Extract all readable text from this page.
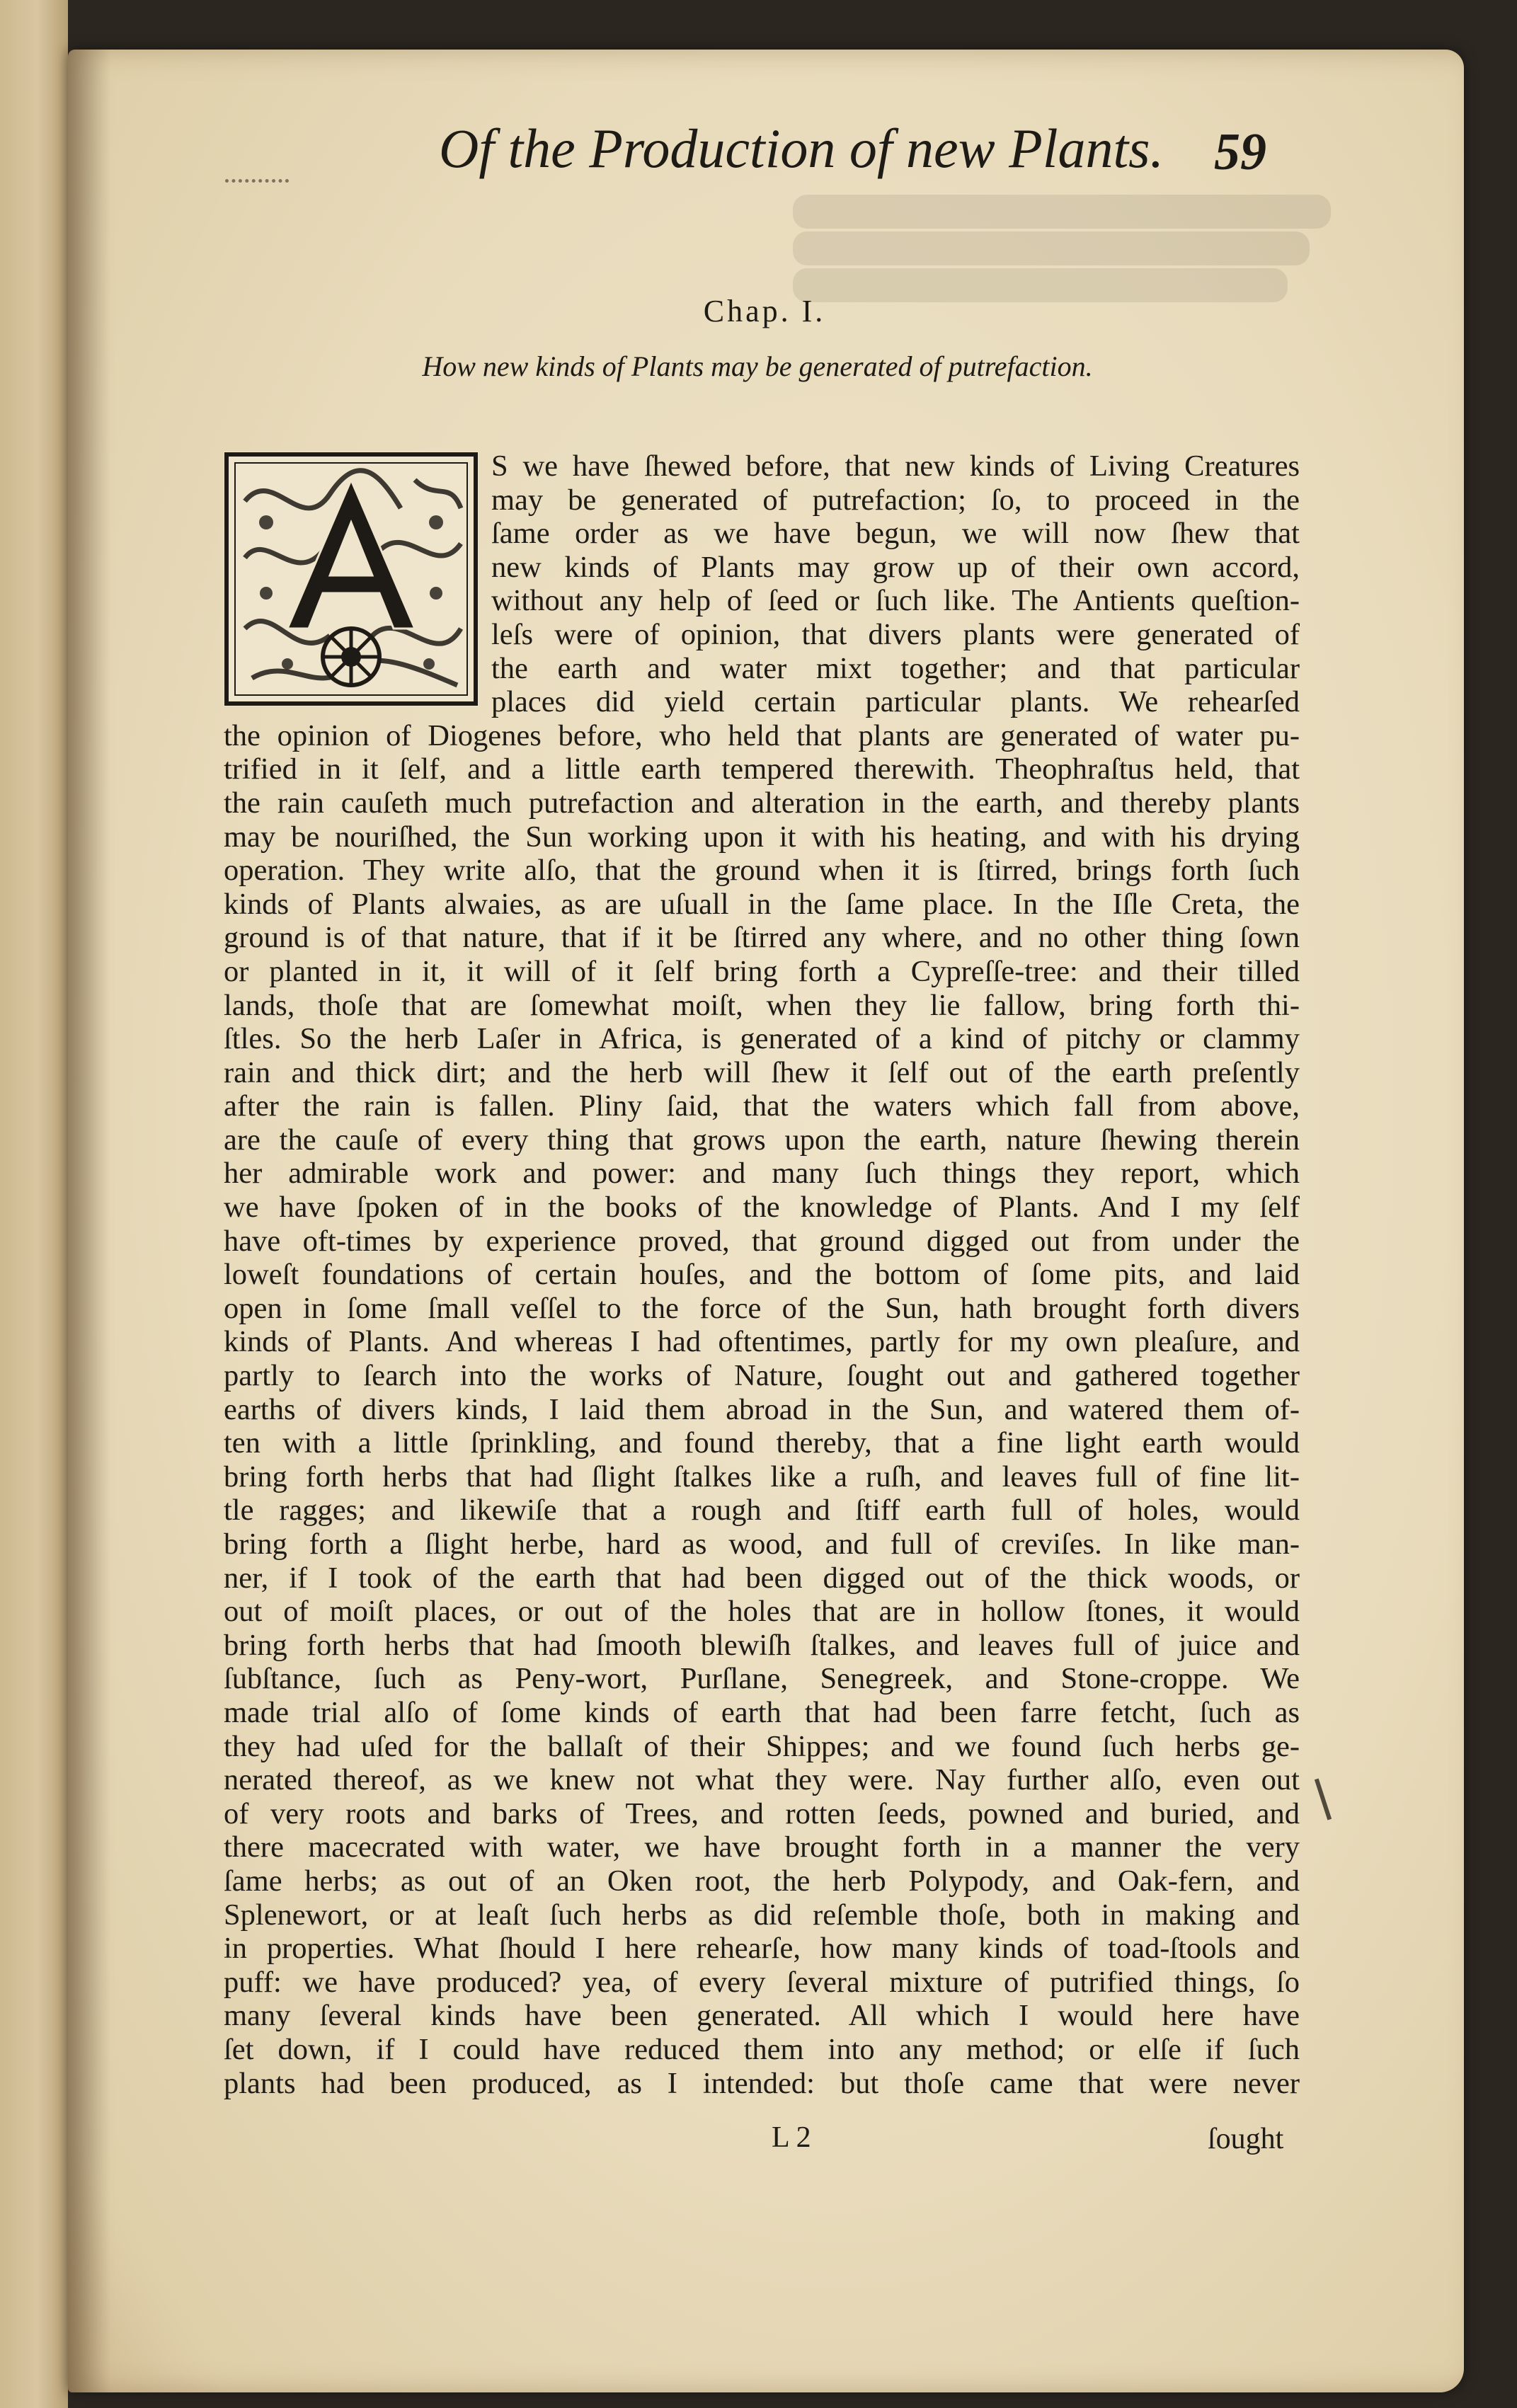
Of the Production of new Plants. 59
Chap. I.
How new kinds of Plants may be generated of putrefaction.
S we have ſhewed before, that new kinds of Living Creatures
may be generated of putrefaction; ſo, to proceed in the
ſame order as we have begun, we will now ſhew that
new kinds of Plants may grow up of their own accord,
without any help of ſeed or ſuch like. The Antients queſtion-
leſs were of opinion, that divers plants were generated of
the earth and water mixt together; and that particular
places did yield certain particular plants. We rehearſed
the opinion of Diogenes before, who held that plants are generated of water pu-
trified in it ſelf, and a little earth tempered therewith. Theophraſtus held, that
the rain cauſeth much putrefaction and alteration in the earth, and thereby plants
may be nouriſhed, the Sun working upon it with his heating, and with his drying
operation. They write alſo, that the ground when it is ſtirred, brings forth ſuch
kinds of Plants alwaies, as are uſuall in the ſame place. In the Iſle Creta, the
ground is of that nature, that if it be ſtirred any where, and no other thing ſown
or planted in it, it will of it ſelf bring forth a Cypreſſe-tree: and their tilled
lands, thoſe that are ſomewhat moiſt, when they lie fallow, bring forth thi-
ſtles. So the herb Laſer in Africa, is generated of a kind of pitchy or clammy
rain and thick dirt; and the herb will ſhew it ſelf out of the earth preſently
after the rain is fallen. Pliny ſaid, that the waters which fall from above,
are the cauſe of every thing that grows upon the earth, nature ſhewing therein
her admirable work and power: and many ſuch things they report, which
we have ſpoken of in the books of the knowledge of Plants. And I my ſelf
have oft-times by experience proved, that ground digged out from under the
loweſt foundations of certain houſes, and the bottom of ſome pits, and laid
open in ſome ſmall veſſel to the force of the Sun, hath brought forth divers
kinds of Plants. And whereas I had oftentimes, partly for my own pleaſure, and
partly to ſearch into the works of Nature, ſought out and gathered together
earths of divers kinds, I laid them abroad in the Sun, and watered them of-
ten with a little ſprinkling, and found thereby, that a fine light earth would
bring forth herbs that had ſlight ſtalkes like a ruſh, and leaves full of fine lit-
tle ragges; and likewiſe that a rough and ſtiff earth full of holes, would
bring forth a ſlight herbe, hard as wood, and full of creviſes. In like man-
ner, if I took of the earth that had been digged out of the thick woods, or
out of moiſt places, or out of the holes that are in hollow ſtones, it would
bring forth herbs that had ſmooth blewiſh ſtalkes, and leaves full of juice and
ſubſtance, ſuch as Peny-wort, Purſlane, Senegreek, and Stone-croppe. We
made trial alſo of ſome kinds of earth that had been farre fetcht, ſuch as
they had uſed for the ballaſt of their Shippes; and we found ſuch herbs ge-
nerated thereof, as we knew not what they were. Nay further alſo, even out
of very roots and barks of Trees, and rotten ſeeds, powned and buried, and
there macecrated with water, we have brought forth in a manner the very
ſame herbs; as out of an Oken root, the herb Polypody, and Oak-fern, and
Splenewort, or at leaſt ſuch herbs as did reſemble thoſe, both in making and
in properties. What ſhould I here rehearſe, how many kinds of toad-ſtools and
puff: we have produced? yea, of every ſeveral mixture of putrified things, ſo
many ſeveral kinds have been generated. All which I would here have
ſet down, if I could have reduced them into any method; or elſe if ſuch
plants had been produced, as I intended: but thoſe came that were never
L 2	ſought
